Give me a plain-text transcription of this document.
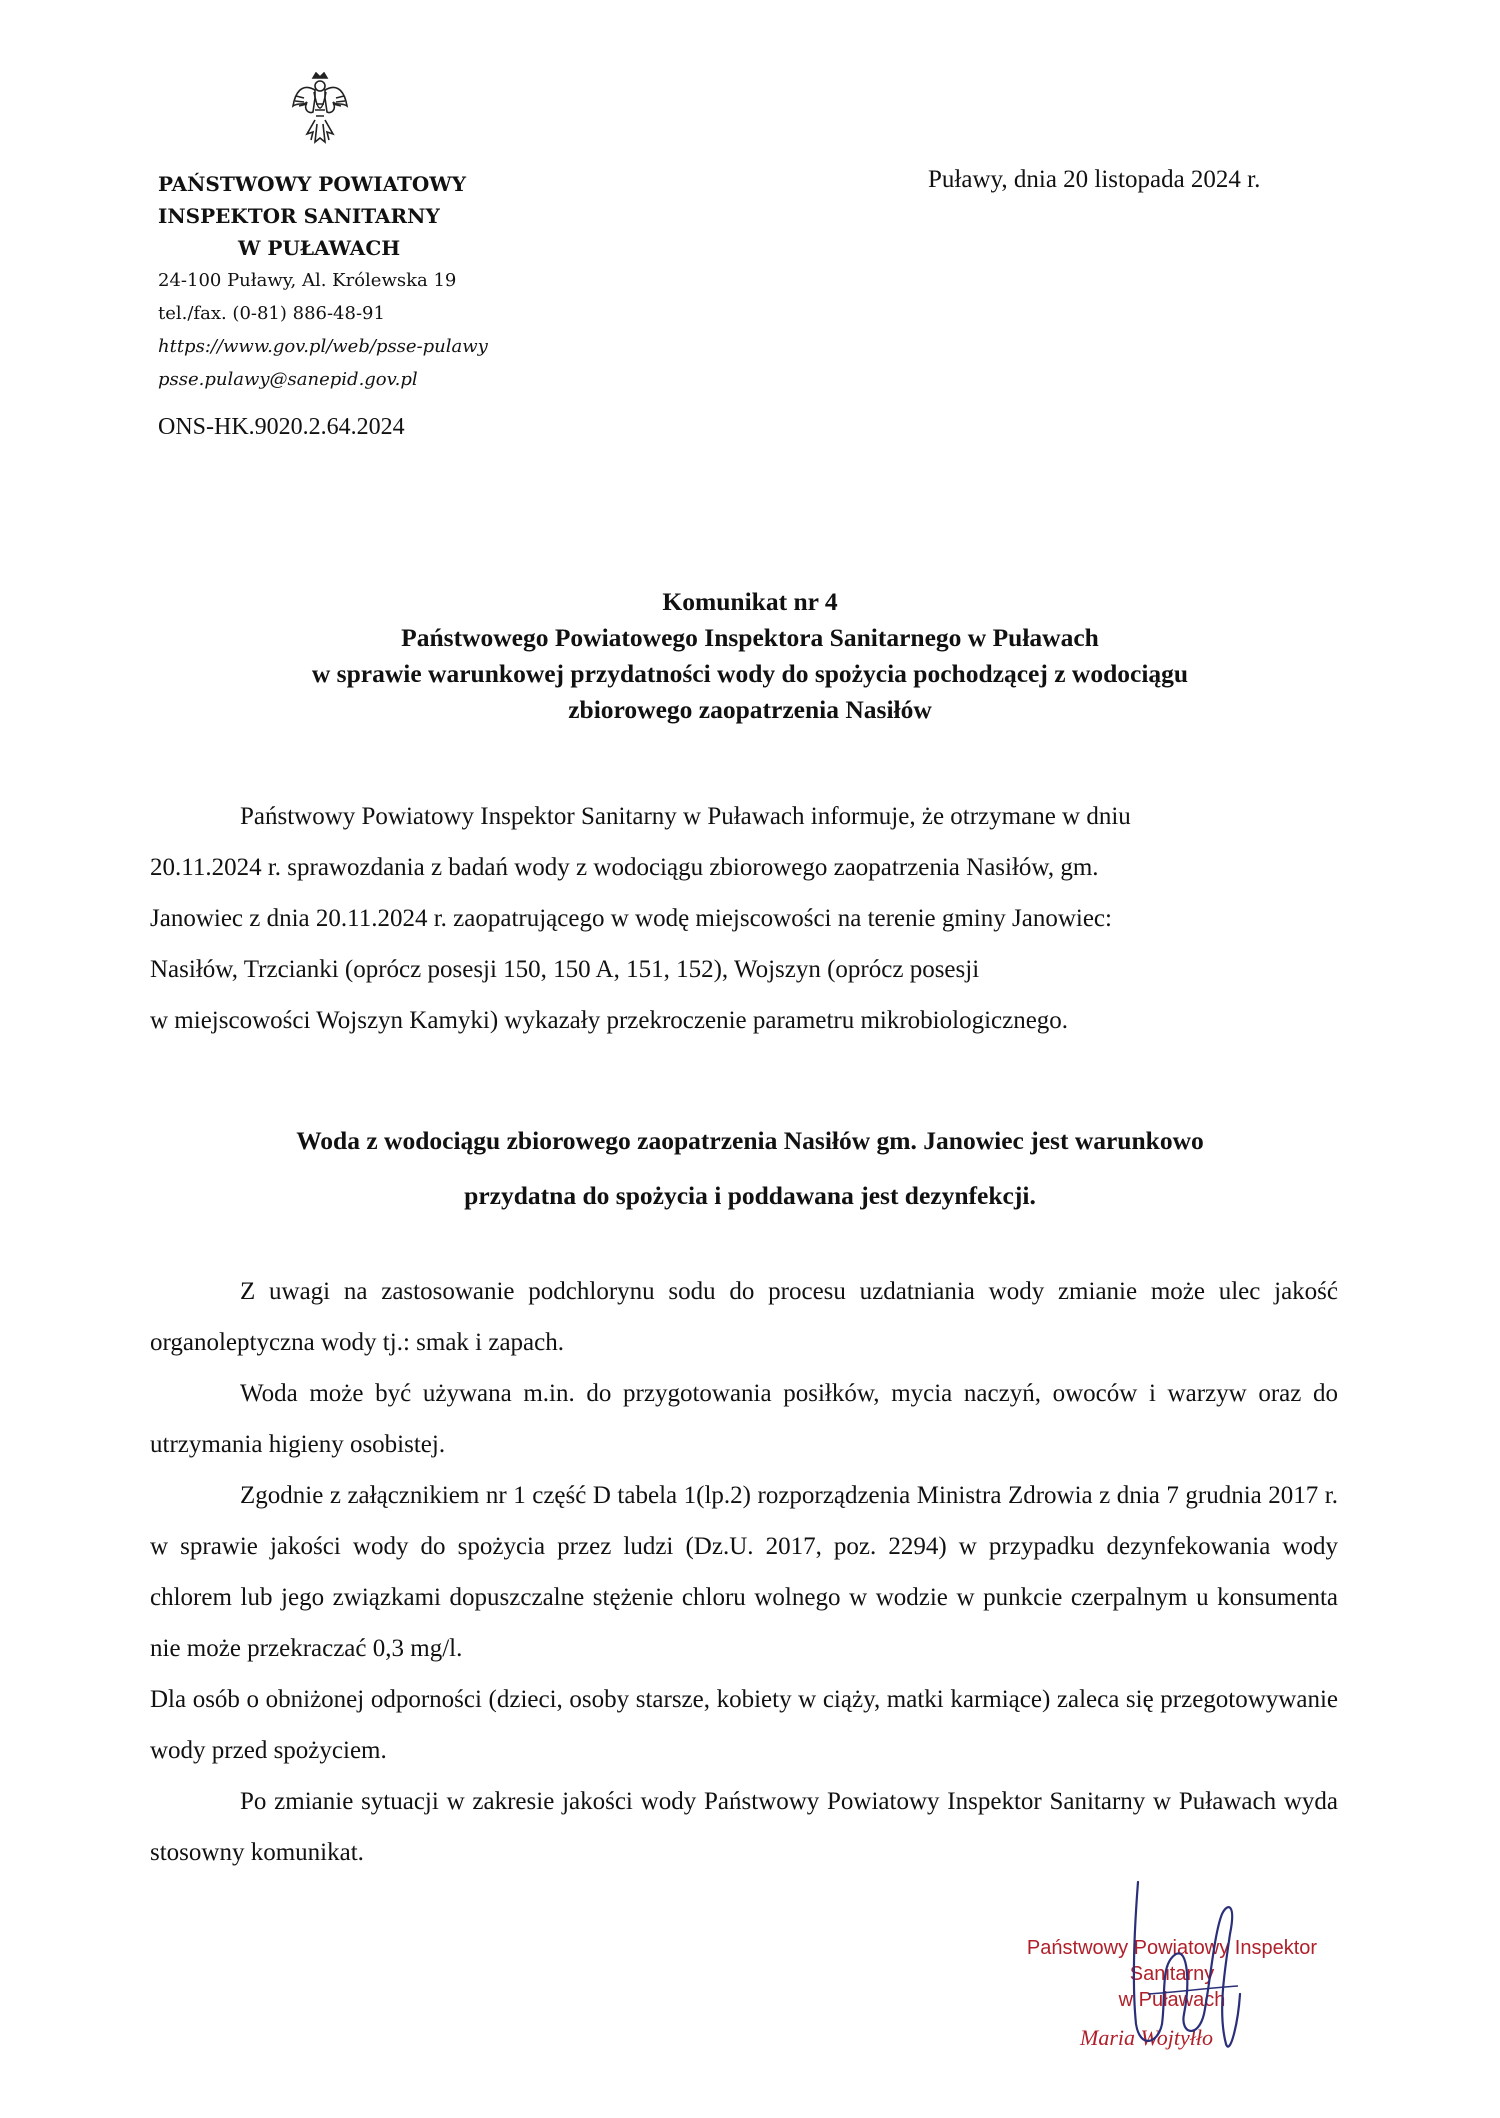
PAŃSTWOWY POWIATOWY
INSPEKTOR SANITARNY
W PUŁAWACH
24-100 Puławy, Al. Królewska 19
tel./fax. (0-81) 886-48-91
https://www.gov.pl/web/psse-pulawy
psse.pulawy@sanepid.gov.pl
ONS-HK.9020.2.64.2024
Puławy, dnia 20 listopada 2024 r.
Komunikat nr 4
Państwowego Powiatowego Inspektora Sanitarnego w Puławach
w sprawie warunkowej przydatności wody do spożycia pochodzącej z wodociągu
zbiorowego zaopatrzenia Nasiłów
Państwowy Powiatowy Inspektor Sanitarny w Puławach informuje, że otrzymane w dniu
20.11.2024 r. sprawozdania z badań wody z wodociągu zbiorowego zaopatrzenia Nasiłów, gm.
Janowiec z dnia 20.11.2024 r. zaopatrującego w wodę miejscowości na terenie gminy Janowiec:
Nasiłów, Trzcianki (oprócz posesji 150, 150 A, 151, 152), Wojszyn (oprócz posesji
w miejscowości Wojszyn Kamyki) wykazały przekroczenie parametru mikrobiologicznego.
Woda z wodociągu zbiorowego zaopatrzenia Nasiłów gm. Janowiec jest warunkowo
przydatna do spożycia i poddawana jest dezynfekcji.

Z uwagi na zastosowanie podchlorynu sodu do procesu uzdatniania wody zmianie może ulec jakość organoleptyczna wody tj.: smak i zapach.

Woda może być używana m.in. do przygotowania posiłków, mycia naczyń, owoców i warzyw oraz do utrzymania higieny osobistej.

Zgodnie z załącznikiem nr 1 część D tabela 1(lp.2) rozporządzenia Ministra Zdrowia z dnia 7 grudnia 2017 r. w sprawie jakości wody do spożycia przez ludzi (Dz.U. 2017, poz. 2294) w przypadku dezynfekowania wody chlorem lub jego związkami dopuszczalne stężenie chloru wolnego w wodzie w punkcie czerpalnym u konsumenta nie może przekraczać 0,3 mg/l.

Dla osób o obniżonej odporności (dzieci, osoby starsze, kobiety w ciąży, matki karmiące) zaleca się przegotowywanie wody przed spożyciem.

Po zmianie sytuacji w zakresie jakości wody Państwowy Powiatowy Inspektor Sanitarny w Puławach wyda stosowny komunikat.

Państwowy Powiatowy Inspektor Sanitarny
w Puławach
Maria Wojtyłło
